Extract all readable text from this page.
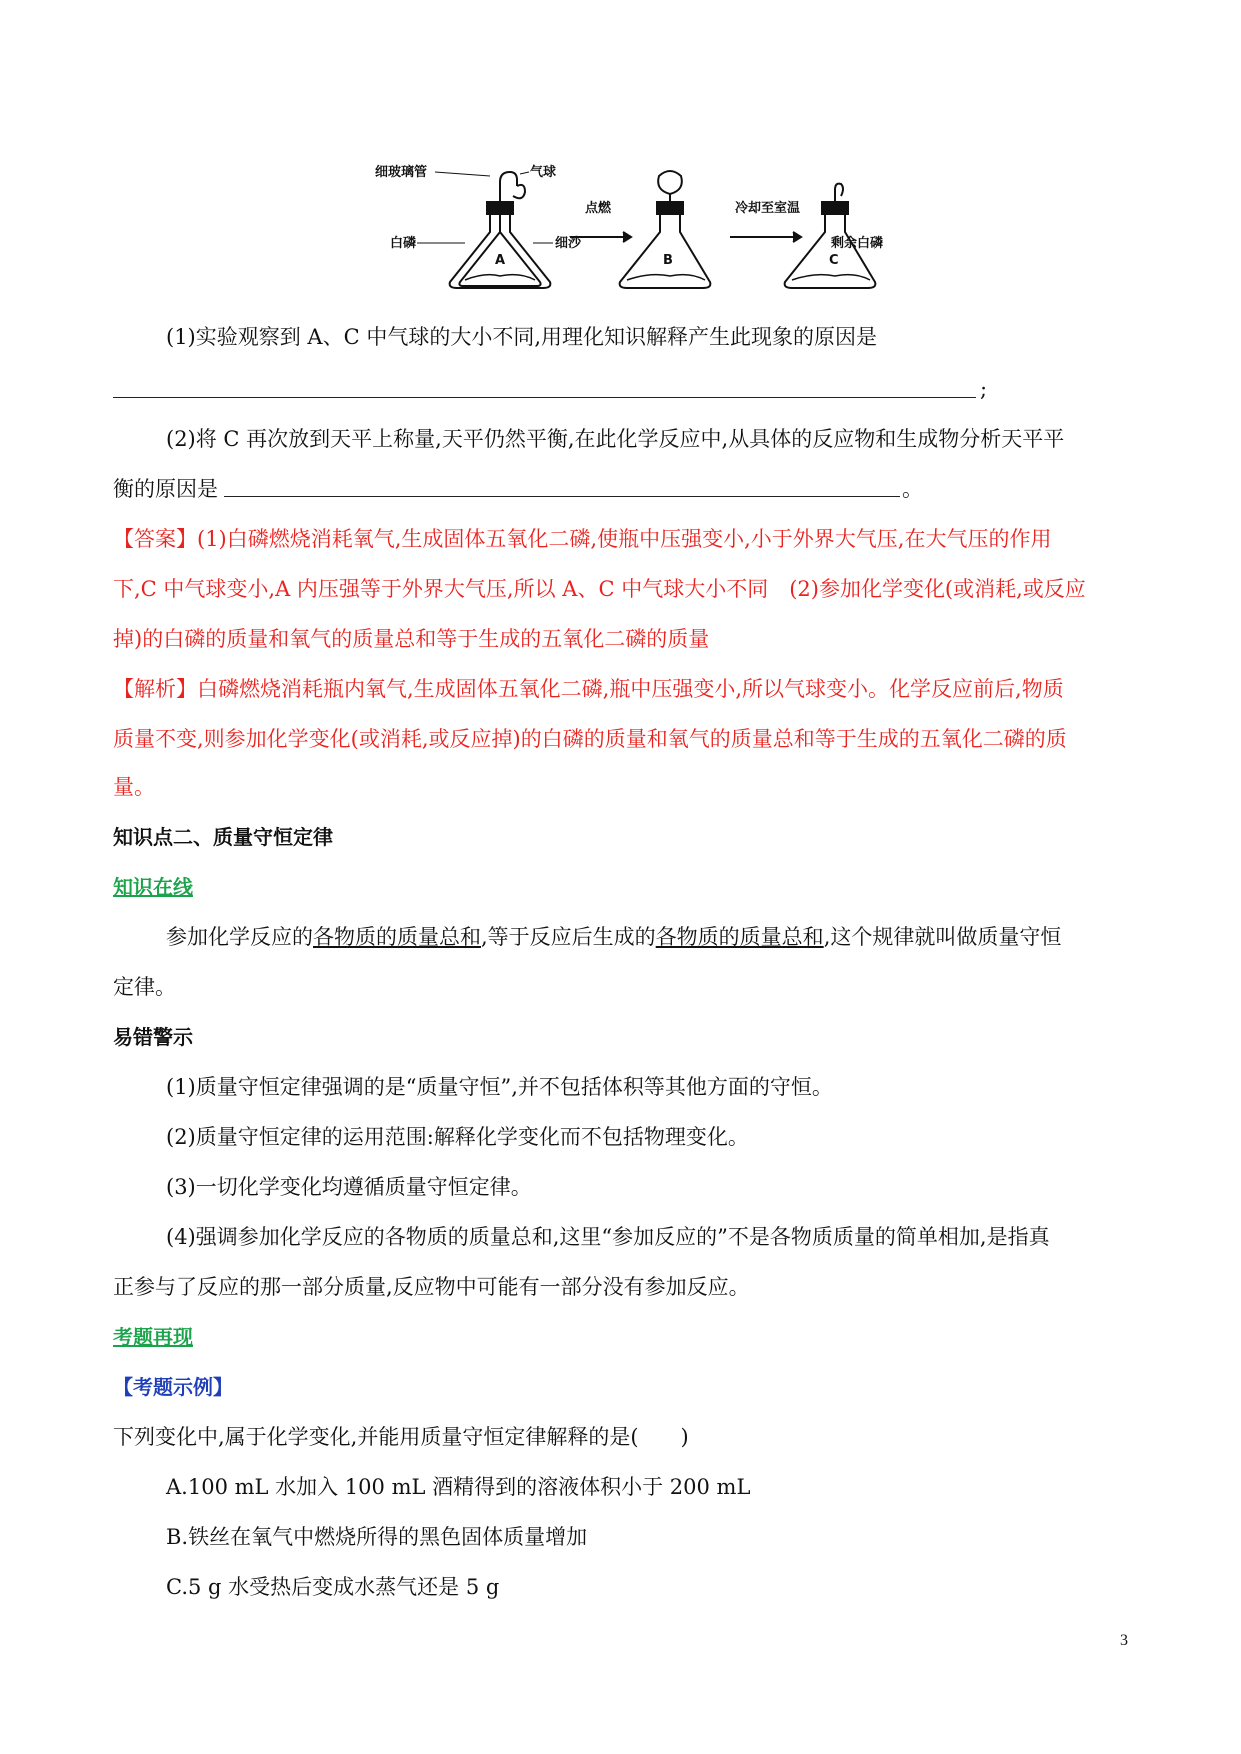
细玻璃管	气球
白磷	细沙
点燃	冷却至室温
剩余白磷
A	B	C
(1)实验观察到 A、C 中气球的大小不同,用理化知识解释产生此现象的原因是
;
(2)将 C 再次放到天平上称量,天平仍然平衡,在此化学反应中,从具体的反应物和生成物分析天平平
衡的原因是	。
【答案】(1)白磷燃烧消耗氧气,生成固体五氧化二磷,使瓶中压强变小,小于外界大气压,在大气压的作用
下,C 中气球变小,A 内压强等于外界大气压,所以 A、C 中气球大小不同　(2)参加化学变化(或消耗,或反应
掉)的白磷的质量和氧气的质量总和等于生成的五氧化二磷的质量
【解析】白磷燃烧消耗瓶内氧气,生成固体五氧化二磷,瓶中压强变小,所以气球变小。化学反应前后,物质
质量不变,则参加化学变化(或消耗,或反应掉)的白磷的质量和氧气的质量总和等于生成的五氧化二磷的质
量。
知识点二、质量守恒定律
知识在线
参加化学反应的各物质的质量总和,等于反应后生成的各物质的质量总和,这个规律就叫做质量守恒
定律。
易错警示
(1)质量守恒定律强调的是“质量守恒”,并不包括体积等其他方面的守恒。
(2)质量守恒定律的运用范围:解释化学变化而不包括物理变化。
(3)一切化学变化均遵循质量守恒定律。
(4)强调参加化学反应的各物质的质量总和,这里“参加反应的”不是各物质质量的简单相加,是指真
正参与了反应的那一部分质量,反应物中可能有一部分没有参加反应。
考题再现
【考题示例】
下列变化中,属于化学变化,并能用质量守恒定律解释的是(　　)
A.100 mL 水加入 100 mL 酒精得到的溶液体积小于 200 mL
B.铁丝在氧气中燃烧所得的黑色固体质量增加
C.5 g 水受热后变成水蒸气还是 5 g
3
